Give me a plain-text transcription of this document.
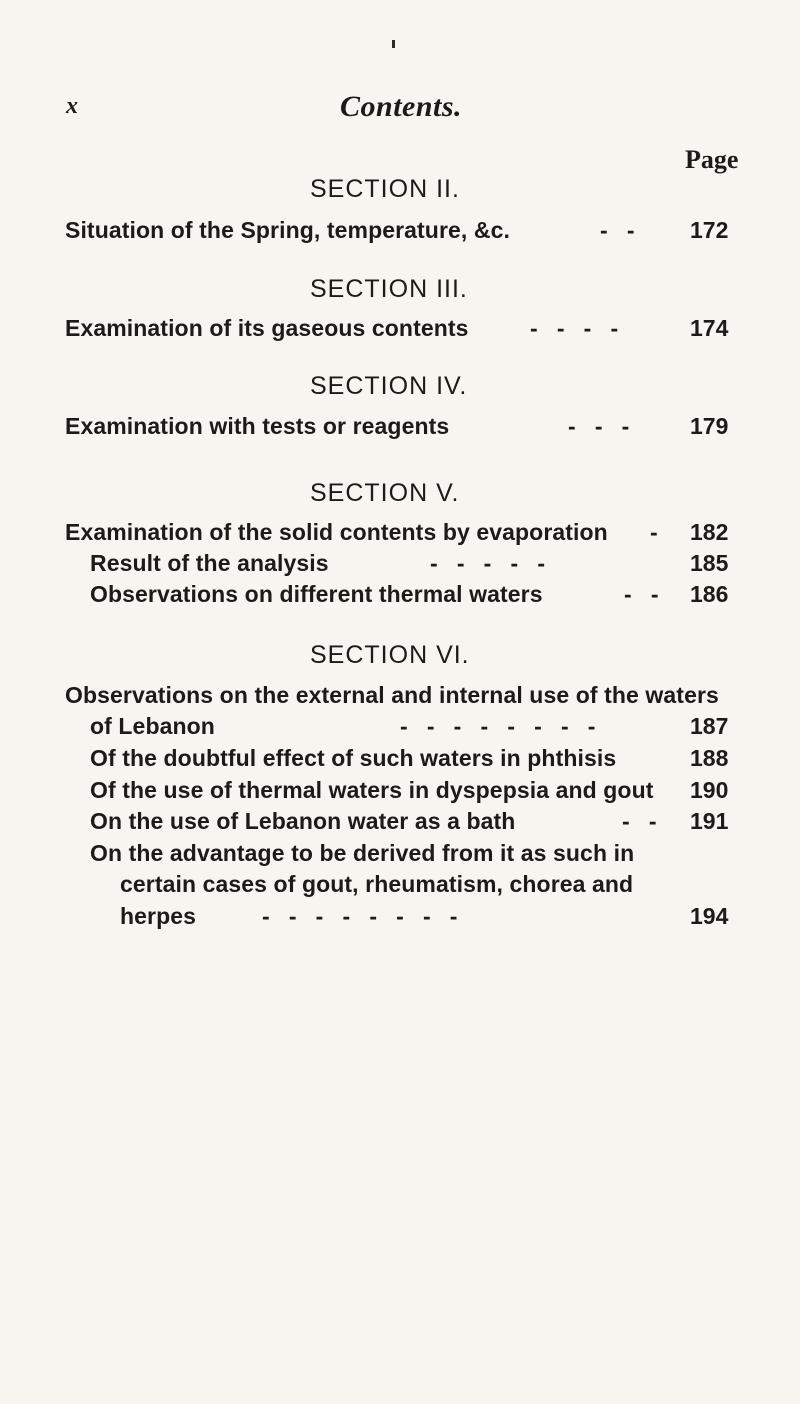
x	Contents.
Page
SECTION II.
Situation of the Spring, temperature, &c.	-   - 172
SECTION III.
Examination of its gaseous contents	-   -   -   -	174
SECTION IV.
Examination with tests or reagents	-   -   -	179
SECTION V.
Examination of the solid contents by evaporation - 182
Result of the analysis	-   -   -   -   -	185
Observations on different thermal waters	-   - 186
SECTION VI.
Observations on the external and internal use of the waters
of Lebanon	-   -   -   -   -   -   -   -	187
Of the doubtful effect of such waters in phthisis	188
Of the use of thermal waters in dyspepsia and gout 190
On the use of Lebanon water as a bath	-   - 191
On the advantage to be derived from it as such in
certain cases of gout, rheumatism, chorea and
herpes	-   -   -   -   -   -   -   -	194
